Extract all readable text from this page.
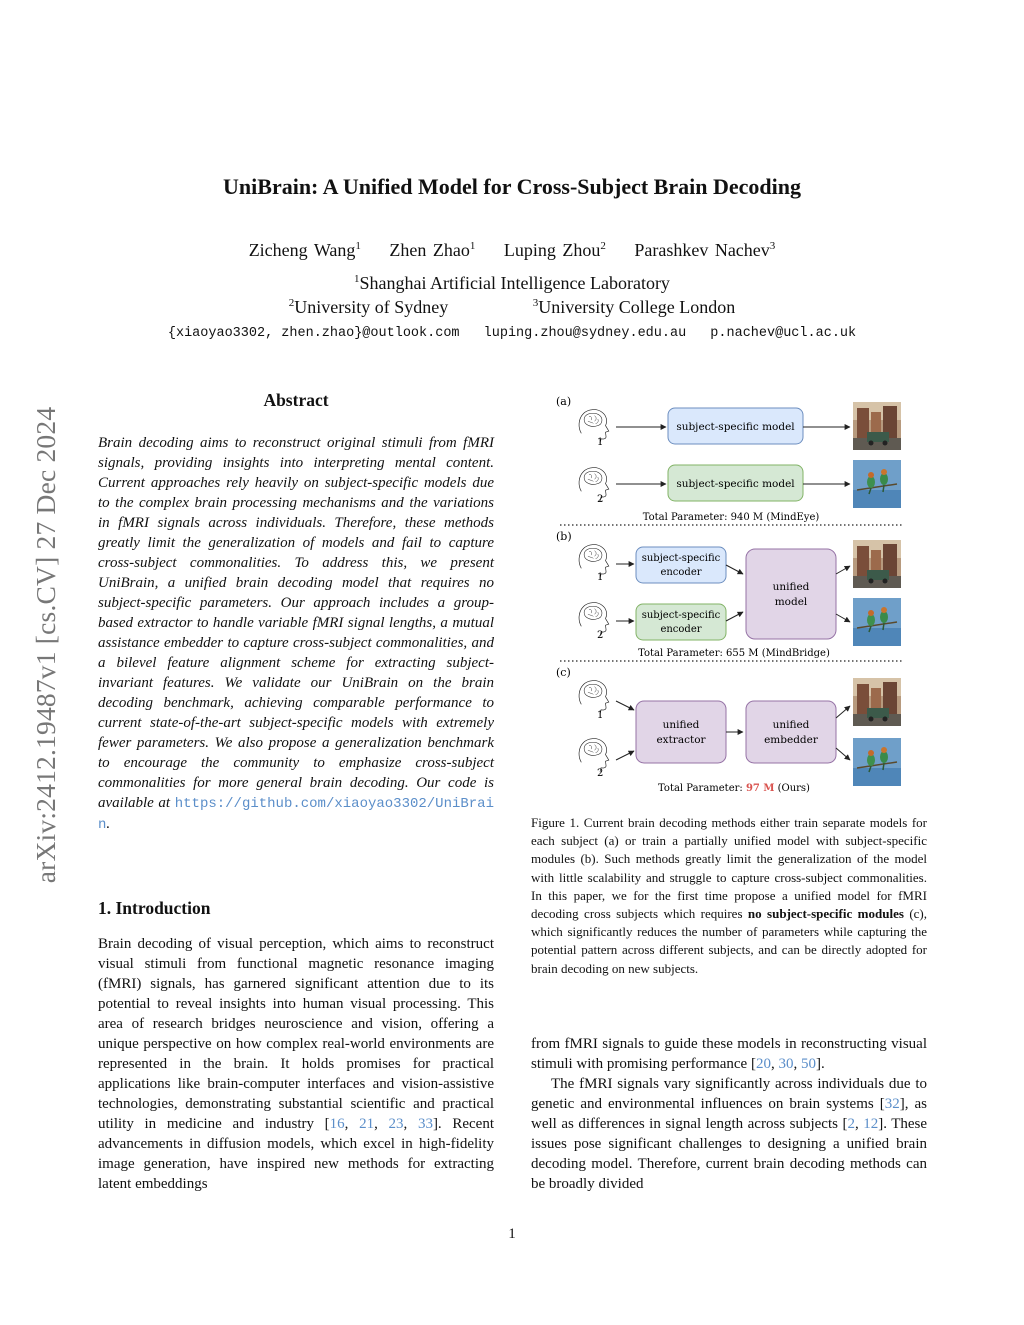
arXiv:2412.19487v1 [cs.CV] 27 Dec 2024
UniBrain: A Unified Model for Cross-Subject Brain Decoding
Zicheng Wang$^1$ Zhen Zhao$^1$ Luping Zhou$^2$ Parashkev Nachev$^3$
$^1$Shanghai Artificial Intelligence Laboratory
$^2$University of Sydney	$^3$University College London
{xiaoyao3302, zhen.zhao}@outlook.com luping.zhou@sydney.edu.au p.nachev@ucl.ac.uk
Abstract
Brain decoding aims to reconstruct original stimuli from fMRI signals, providing insights into interpreting mental content. Current approaches rely heavily on subject-specific models due to the complex brain processing mechanisms and the variations in fMRI signals across individuals. Therefore, these methods greatly limit the generalization of models and fail to capture cross-subject commonalities. To address this, we present UniBrain, a unified brain decoding model that requires no subject-specific parameters. Our approach includes a group-based extractor to handle variable fMRI signal lengths, a mutual assistance embedder to capture cross-subject commonalities, and a bilevel feature alignment scheme for extracting subject-invariant features. We validate our UniBrain on the brain decoding benchmark, achieving comparable performance to current state-of-the-art subject-specific models with extremely fewer parameters. We also propose a generalization benchmark to encourage the community to emphasize cross-subject commonalities for more general brain decoding. Our code is available at https://github.com/xiaoyao3302/UniBrain.
1. Introduction
Brain decoding of visual perception, which aims to reconstruct visual stimuli from functional magnetic resonance imaging (fMRI) signals, has garnered significant attention due to its potential to reveal insights into human visual processing. This area of research bridges neuroscience and vision, offering a unique perspective on how complex real-world environments are represented in the brain. It holds promises for practical applications like brain-computer interfaces and vision-assistive technologies, demonstrating substantial scientific and practical utility in medicine and industry [16, 21, 23, 33]. Recent advancements in diffusion models, which excel in high-fidelity image generation, have inspired new methods for extracting latent embeddings
(a)
(b)
(c)
1
2
subject-specific model
subject-specific model
Total Parameter: 940 M (MindEye)
1
2
subject-specific
encoder
subject-specific
encoder
unified
model
Total Parameter: 655 M (MindBridge)
1
2
unified
extractor
unified
embedder
Total Parameter: 97 M (Ours)
Figure 1. Current brain decoding methods either train separate models for each subject (a) or train a partially unified model with subject-specific modules (b). Such methods greatly limit the generalization of the model with little scalability and struggle to capture cross-subject commonalities. In this paper, we for the first time propose a unified model for fMRI decoding cross subjects which requires no subject-specific modules (c), which significantly reduces the number of parameters while capturing the potential pattern across different subjects, and can be directly adopted for brain decoding on new subjects.

from fMRI signals to guide these models in reconstructing visual stimuli with promising performance [20, 30, 50].

The fMRI signals vary significantly across individuals due to genetic and environmental influences on brain systems [32], as well as differences in signal length across subjects [2, 12]. These issues pose significant challenges to designing a unified brain decoding model. Therefore, current brain decoding methods can be broadly divided

1
